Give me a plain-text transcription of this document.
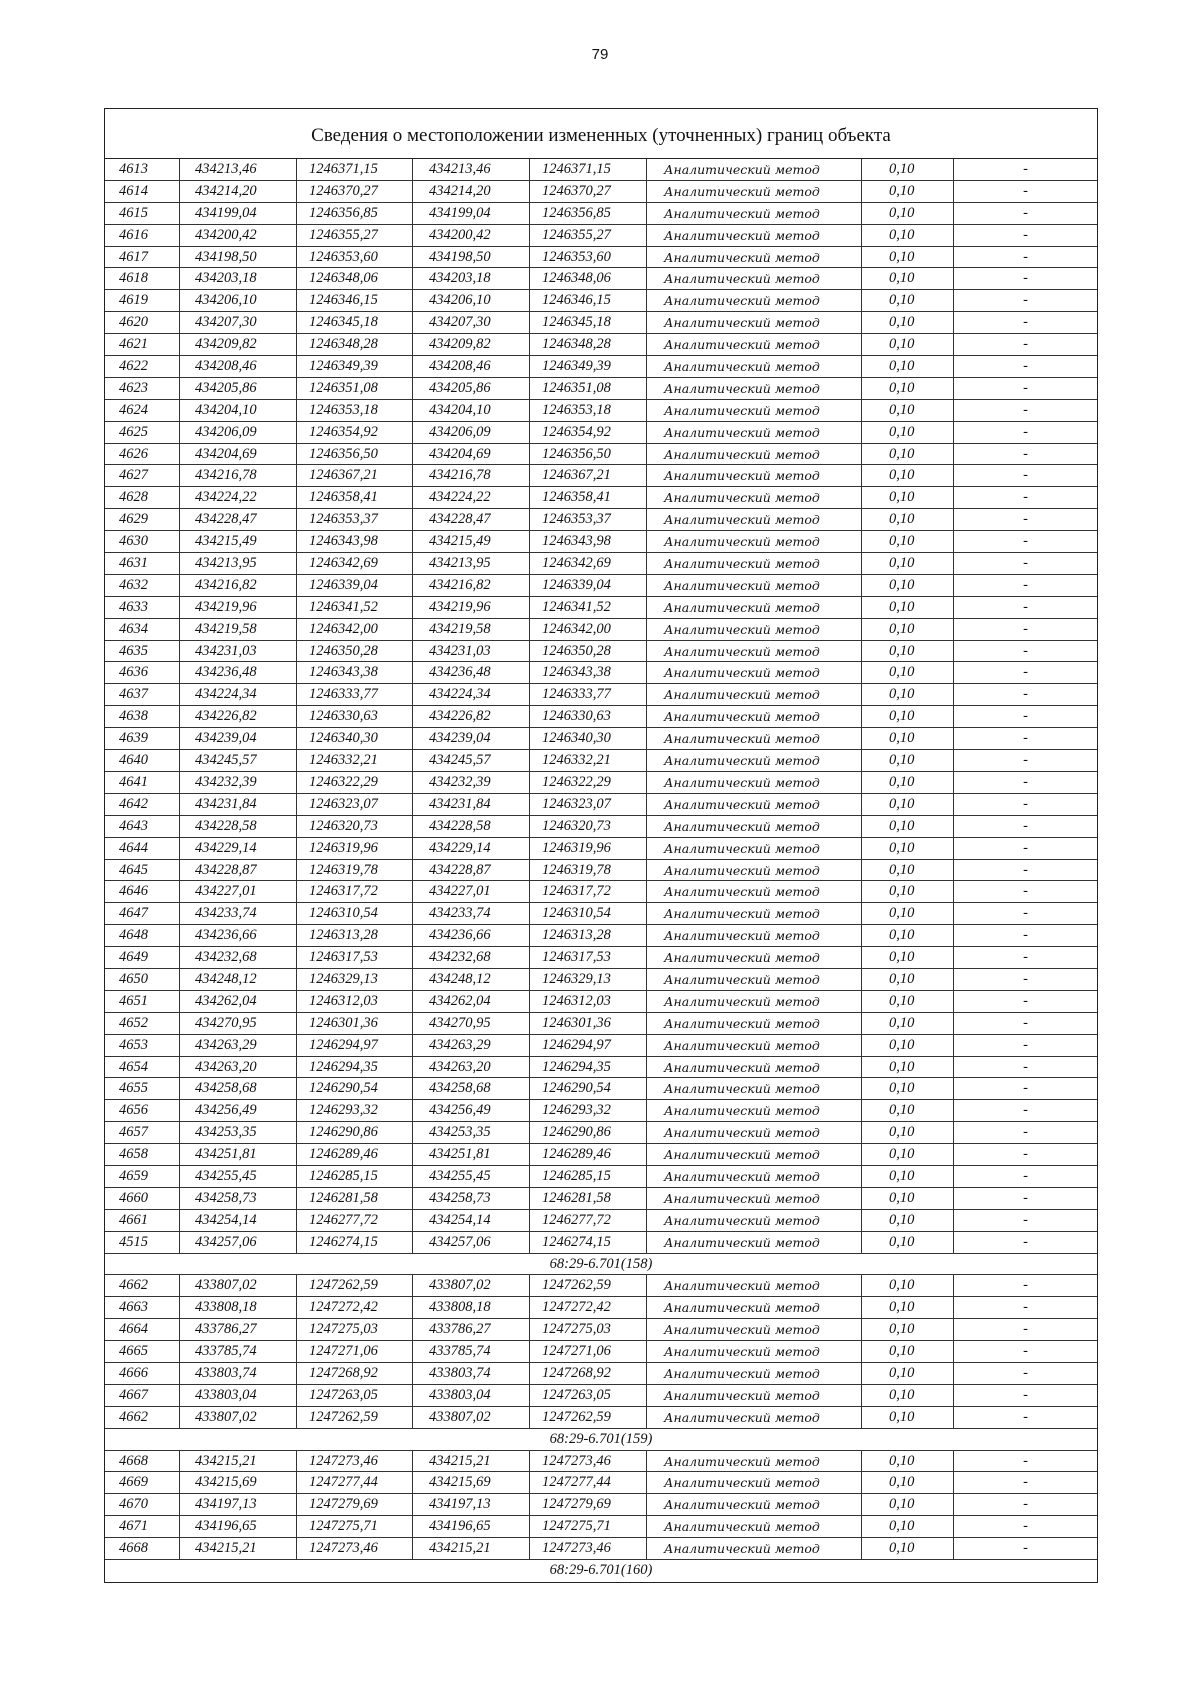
79
Сведения о местоположении измененных (уточненных) границ объекта
4613	434213,46	1246371,15	434213,46	1246371,15	Аналитический метод	0,10	-
4614	434214,20	1246370,27	434214,20	1246370,27	Аналитический метод	0,10	-
4615	434199,04	1246356,85	434199,04	1246356,85	Аналитический метод	0,10	-
4616	434200,42	1246355,27	434200,42	1246355,27	Аналитический метод	0,10	-
4617	434198,50	1246353,60	434198,50	1246353,60	Аналитический метод	0,10	-
4618	434203,18	1246348,06	434203,18	1246348,06	Аналитический метод	0,10	-
4619	434206,10	1246346,15	434206,10	1246346,15	Аналитический метод	0,10	-
4620	434207,30	1246345,18	434207,30	1246345,18	Аналитический метод	0,10	-
4621	434209,82	1246348,28	434209,82	1246348,28	Аналитический метод	0,10	-
4622	434208,46	1246349,39	434208,46	1246349,39	Аналитический метод	0,10	-
4623	434205,86	1246351,08	434205,86	1246351,08	Аналитический метод	0,10	-
4624	434204,10	1246353,18	434204,10	1246353,18	Аналитический метод	0,10	-
4625	434206,09	1246354,92	434206,09	1246354,92	Аналитический метод	0,10	-
4626	434204,69	1246356,50	434204,69	1246356,50	Аналитический метод	0,10	-
4627	434216,78	1246367,21	434216,78	1246367,21	Аналитический метод	0,10	-
4628	434224,22	1246358,41	434224,22	1246358,41	Аналитический метод	0,10	-
4629	434228,47	1246353,37	434228,47	1246353,37	Аналитический метод	0,10	-
4630	434215,49	1246343,98	434215,49	1246343,98	Аналитический метод	0,10	-
4631	434213,95	1246342,69	434213,95	1246342,69	Аналитический метод	0,10	-
4632	434216,82	1246339,04	434216,82	1246339,04	Аналитический метод	0,10	-
4633	434219,96	1246341,52	434219,96	1246341,52	Аналитический метод	0,10	-
4634	434219,58	1246342,00	434219,58	1246342,00	Аналитический метод	0,10	-
4635	434231,03	1246350,28	434231,03	1246350,28	Аналитический метод	0,10	-
4636	434236,48	1246343,38	434236,48	1246343,38	Аналитический метод	0,10	-
4637	434224,34	1246333,77	434224,34	1246333,77	Аналитический метод	0,10	-
4638	434226,82	1246330,63	434226,82	1246330,63	Аналитический метод	0,10	-
4639	434239,04	1246340,30	434239,04	1246340,30	Аналитический метод	0,10	-
4640	434245,57	1246332,21	434245,57	1246332,21	Аналитический метод	0,10	-
4641	434232,39	1246322,29	434232,39	1246322,29	Аналитический метод	0,10	-
4642	434231,84	1246323,07	434231,84	1246323,07	Аналитический метод	0,10	-
4643	434228,58	1246320,73	434228,58	1246320,73	Аналитический метод	0,10	-
4644	434229,14	1246319,96	434229,14	1246319,96	Аналитический метод	0,10	-
4645	434228,87	1246319,78	434228,87	1246319,78	Аналитический метод	0,10	-
4646	434227,01	1246317,72	434227,01	1246317,72	Аналитический метод	0,10	-
4647	434233,74	1246310,54	434233,74	1246310,54	Аналитический метод	0,10	-
4648	434236,66	1246313,28	434236,66	1246313,28	Аналитический метод	0,10	-
4649	434232,68	1246317,53	434232,68	1246317,53	Аналитический метод	0,10	-
4650	434248,12	1246329,13	434248,12	1246329,13	Аналитический метод	0,10	-
4651	434262,04	1246312,03	434262,04	1246312,03	Аналитический метод	0,10	-
4652	434270,95	1246301,36	434270,95	1246301,36	Аналитический метод	0,10	-
4653	434263,29	1246294,97	434263,29	1246294,97	Аналитический метод	0,10	-
4654	434263,20	1246294,35	434263,20	1246294,35	Аналитический метод	0,10	-
4655	434258,68	1246290,54	434258,68	1246290,54	Аналитический метод	0,10	-
4656	434256,49	1246293,32	434256,49	1246293,32	Аналитический метод	0,10	-
4657	434253,35	1246290,86	434253,35	1246290,86	Аналитический метод	0,10	-
4658	434251,81	1246289,46	434251,81	1246289,46	Аналитический метод	0,10	-
4659	434255,45	1246285,15	434255,45	1246285,15	Аналитический метод	0,10	-
4660	434258,73	1246281,58	434258,73	1246281,58	Аналитический метод	0,10	-
4661	434254,14	1246277,72	434254,14	1246277,72	Аналитический метод	0,10	-
4515	434257,06	1246274,15	434257,06	1246274,15	Аналитический метод	0,10	-
68:29-6.701(158)
4662	433807,02	1247262,59	433807,02	1247262,59	Аналитический метод	0,10	-
4663	433808,18	1247272,42	433808,18	1247272,42	Аналитический метод	0,10	-
4664	433786,27	1247275,03	433786,27	1247275,03	Аналитический метод	0,10	-
4665	433785,74	1247271,06	433785,74	1247271,06	Аналитический метод	0,10	-
4666	433803,74	1247268,92	433803,74	1247268,92	Аналитический метод	0,10	-
4667	433803,04	1247263,05	433803,04	1247263,05	Аналитический метод	0,10	-
4662	433807,02	1247262,59	433807,02	1247262,59	Аналитический метод	0,10	-
68:29-6.701(159)
4668	434215,21	1247273,46	434215,21	1247273,46	Аналитический метод	0,10	-
4669	434215,69	1247277,44	434215,69	1247277,44	Аналитический метод	0,10	-
4670	434197,13	1247279,69	434197,13	1247279,69	Аналитический метод	0,10	-
4671	434196,65	1247275,71	434196,65	1247275,71	Аналитический метод	0,10	-
4668	434215,21	1247273,46	434215,21	1247273,46	Аналитический метод	0,10	-
68:29-6.701(160)
